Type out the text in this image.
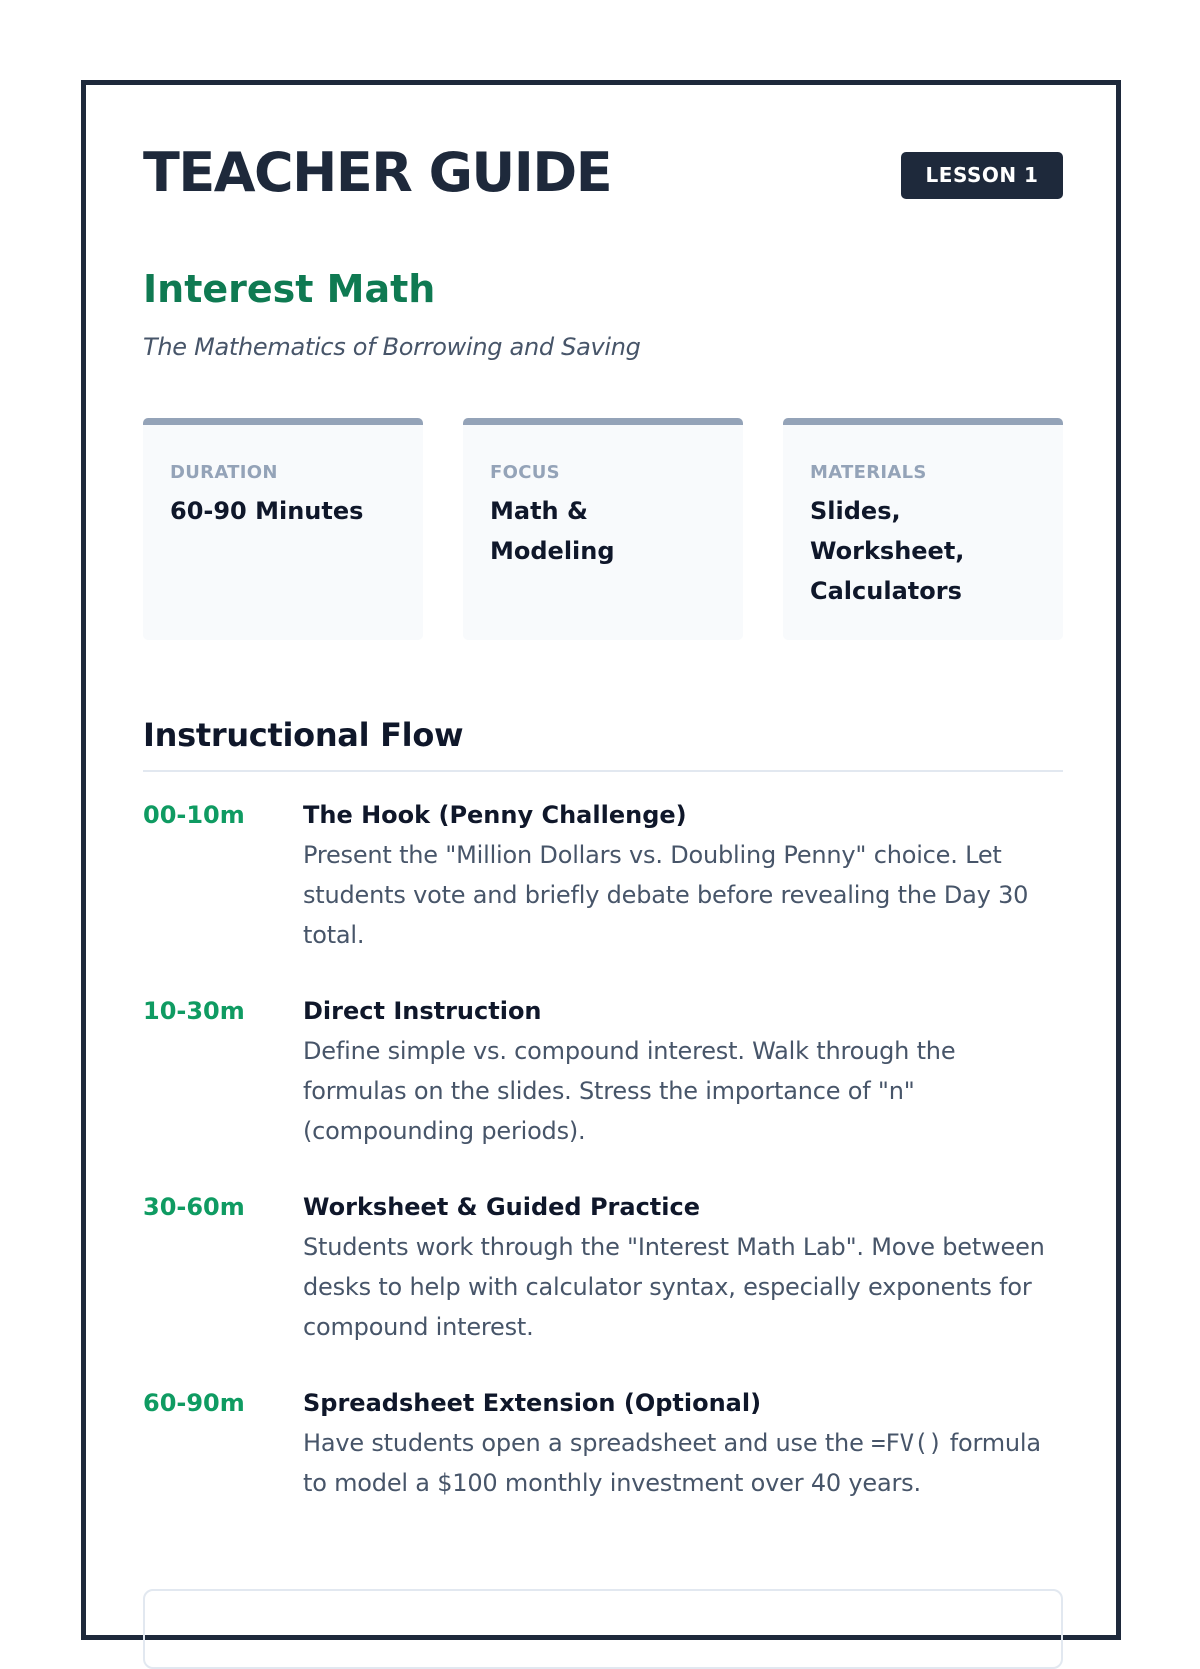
TEACHER GUIDE	LESSON 1
Interest Math

The Mathematics of Borrowing and Saving

DURATION
60-90 Minutes
FOCUS
Math & Modeling
MATERIALS
Slides, Worksheet, Calculators
Instructional Flow
00-10m The Hook (Penny Challenge)
Present the "Million Dollars vs. Doubling Penny" choice. Let students vote and briefly debate before revealing the Day 30 total.
10-30m Direct Instruction
Define simple vs. compound interest. Walk through the formulas on the slides. Stress the importance of "n" (compounding periods).
30-60m Worksheet & Guided Practice
Students work through the "Interest Math Lab". Move between desks to help with calculator syntax, especially exponents for compound interest.
60-90m Spreadsheet Extension (Optional)
Have students open a spreadsheet and use the =FV() formula to model a $100 monthly investment over 40 years.
